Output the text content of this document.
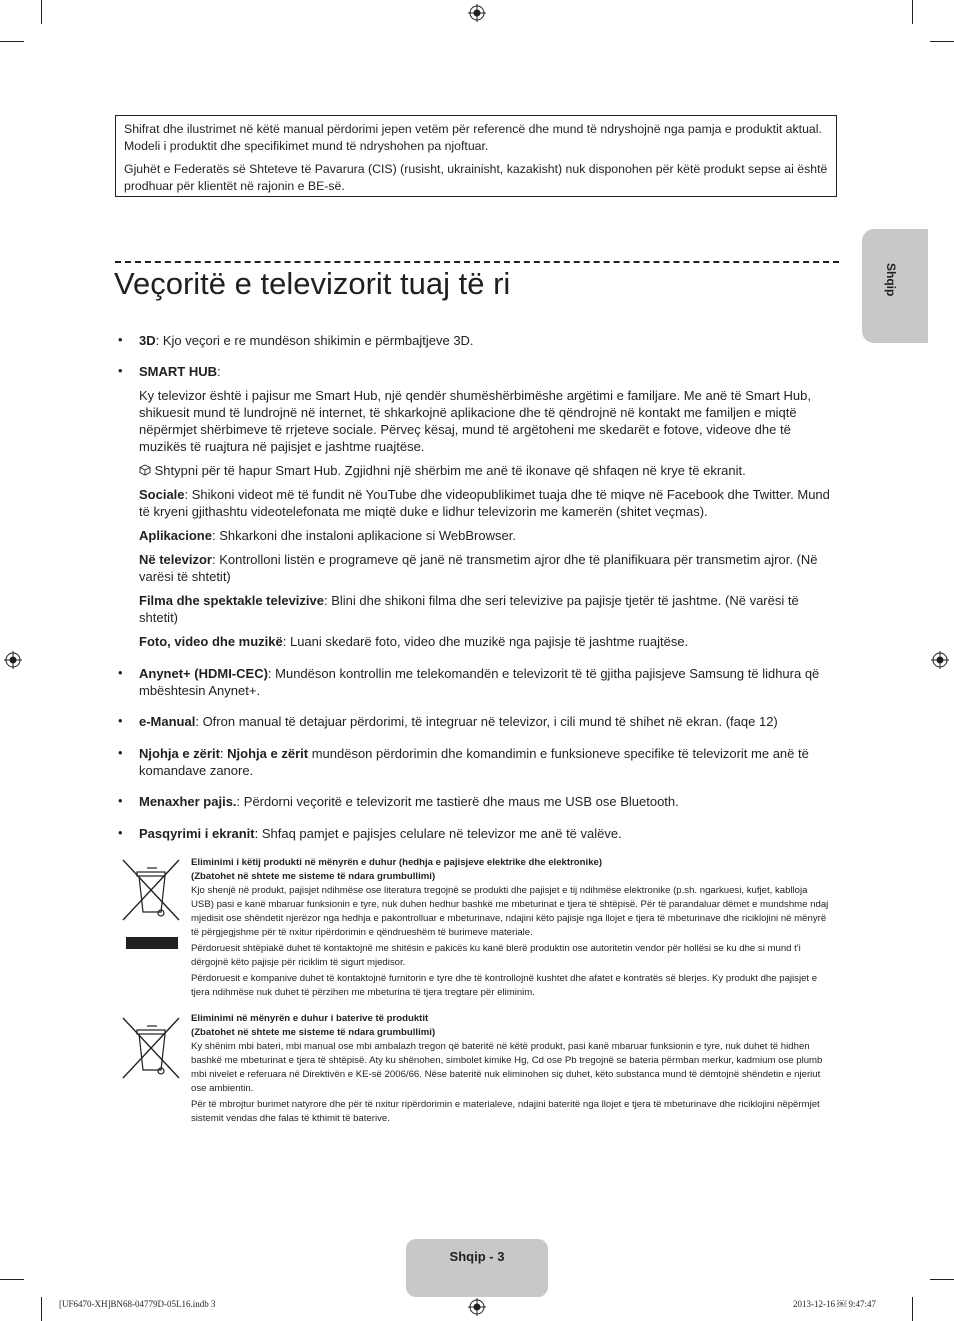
Shifrat dhe ilustrimet në këtë manual përdorimi jepen vetëm për referencë dhe mund të ndryshojnë nga pamja e produktit aktual. Modeli i produktit dhe specifikimet mund të ndryshohen pa njoftuar.

Gjuhët e Federatës së Shteteve të Pavarura (CIS) (rusisht, ukrainisht, kazakisht) nuk disponohen për këtë produkt sepse ai është prodhuar për klientët në rajonin e BE-së.

Shqip
Veçoritë e televizorit tuaj të ri
• 3D: Kjo veçori e re mundëson shikimin e përmbajtjeve 3D.
• SMART HUB:
Ky televizor është i pajisur me Smart Hub, një qendër shumëshërbimëshe argëtimi e familjare. Me anë të Smart Hub, shikuesit mund të lundrojnë në internet, të shkarkojnë aplikacione dhe të qëndrojnë në kontakt me familjen e miqtë nëpërmjet shërbimeve të rrjeteve sociale. Përveç kësaj, mund të argëtoheni me skedarët e fotove, videove dhe të muzikës të ruajtura në pajisjet e jashtme ruajtëse.
Shtypni për të hapur Smart Hub. Zgjidhni një shërbim me anë të ikonave që shfaqen në krye të ekranit.
Sociale: Shikoni videot më të fundit në YouTube dhe videopublikimet tuaja dhe të miqve në Facebook dhe Twitter. Mund të kryeni gjithashtu videotelefonata me miqtë duke e lidhur televizorin me kamerën (shitet veçmas).
Aplikacione: Shkarkoni dhe instaloni aplikacione si WebBrowser.
Në televizor: Kontrolloni listën e programeve që janë në transmetim ajror dhe të planifikuara për transmetim ajror. (Në varësi të shtetit)
Filma dhe spektakle televizive: Blini dhe shikoni filma dhe seri televizive pa pajisje tjetër të jashtme. (Në varësi të shtetit)
Foto, video dhe muzikë: Luani skedarë foto, video dhe muzikë nga pajisje të jashtme ruajtëse.
• Anynet+ (HDMI-CEC): Mundëson kontrollin me telekomandën e televizorit të të gjitha pajisjeve Samsung të lidhura që mbështesin Anynet+.
• e-Manual: Ofron manual të detajuar përdorimi, të integruar në televizor, i cili mund të shihet në ekran. (faqe 12)
• Njohja e zërit: Njohja e zërit mundëson përdorimin dhe komandimin e funksioneve specifike të televizorit me anë të komandave zanore.
• Menaxher pajis.: Përdorni veçoritë e televizorit me tastierë dhe maus me USB ose Bluetooth.
• Pasqyrimi i ekranit: Shfaq pamjet e pajisjes celulare në televizor me anë të valëve.
Eliminimi i këtij produkti në mënyrën e duhur (hedhja e pajisjeve elektrike dhe elektronike)
(Zbatohet në shtete me sisteme të ndara grumbullimi)
Kjo shenjë në produkt, pajisjet ndihmëse ose literatura tregojnë se produkti dhe pajisjet e tij ndihmëse elektronike (p.sh. ngarkuesi, kufjet, kablloja USB) pasi e kanë mbaruar funksionin e tyre, nuk duhen hedhur bashkë me mbeturinat e tjera të shtëpisë. Për të parandaluar dëmet e mundshme ndaj mjedisit ose shëndetit njerëzor nga hedhja e pakontrolluar e mbeturinave, ndajini këto pajisje nga llojet e tjera të mbeturinave dhe riciklojini në mënyrë të përgjegjshme për të nxitur ripërdorimin e qëndrueshëm të burimeve materiale.
Përdoruesit shtëpiakë duhet të kontaktojnë me shitësin e pakicës ku kanë blerë produktin ose autoritetin vendor për hollësi se ku dhe si mund t'i dërgojnë këto pajisje për riciklim të sigurt mjedisor.
Përdoruesit e kompanive duhet të kontaktojnë furnitorin e tyre dhe të kontrollojnë kushtet dhe afatet e kontratës së blerjes. Ky produkt dhe pajisjet e tjera ndihmëse nuk duhet të përzihen me mbeturina të tjera tregtare për eliminim.
Eliminimi në mënyrën e duhur i baterive të produktit
(Zbatohet në shtete me sisteme të ndara grumbullimi)
Ky shënim mbi bateri, mbi manual ose mbi ambalazh tregon që bateritë në këtë produkt, pasi kanë mbaruar funksionin e tyre, nuk duhet të hidhen bashkë me mbeturinat e tjera të shtëpisë. Aty ku shënohen, simbolet kimike Hg, Cd ose Pb tregojnë se bateria përmban merkur, kadmium ose plumb mbi nivelet e referuara në Direktivën e KE-së 2006/66. Nëse bateritë nuk eliminohen siç duhet, këto substanca mund të dëmtojnë shëndetin e njeriut ose ambientin.
Për të mbrojtur burimet natyrore dhe për të nxitur ripërdorimin e materialeve, ndajini bateritë nga llojet e tjera të mbeturinave dhe riciklojini nëpërmjet sistemit vendas dhe falas të kthimit të baterive.
Shqip - 3
[UF6470-XH]BN68-04779D-05L16.indb 3	2013-12-16 ￼ 9:47:47
